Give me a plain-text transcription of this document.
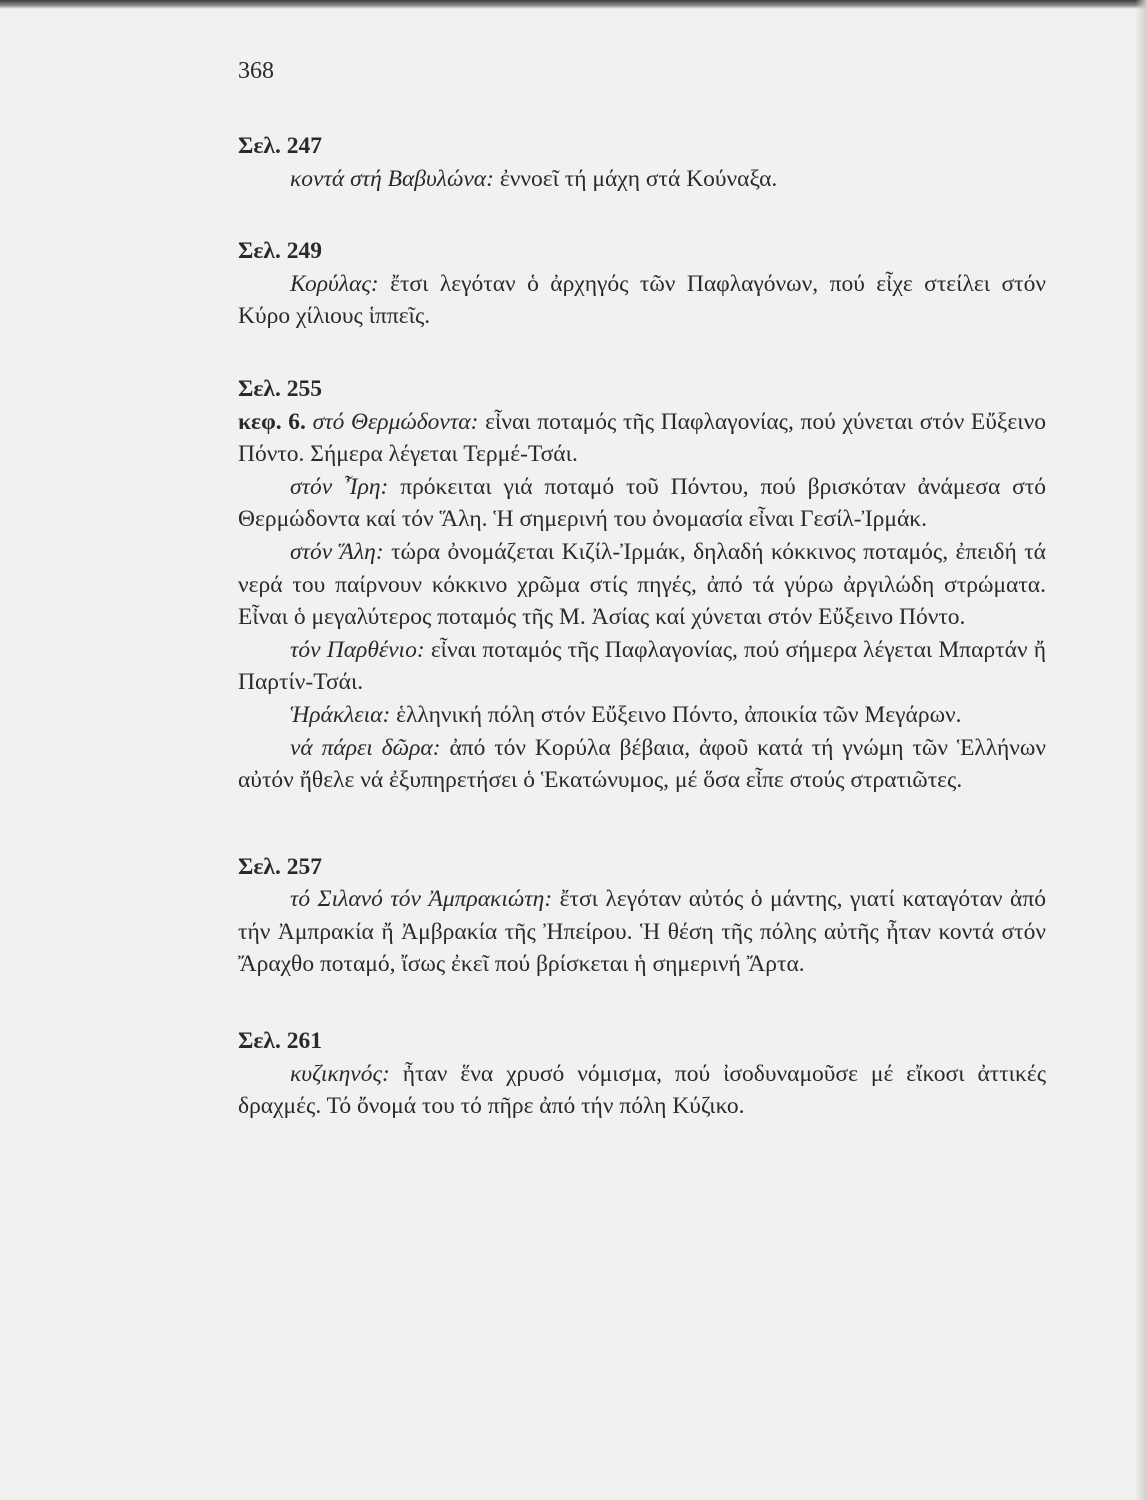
368
Σελ. 247

κοντά στή Βαβυλώνα: ἐννοεῖ τή μάχη στά Κούναξα.

Σελ. 249

Κορύλας: ἔτσι λεγόταν ὁ ἀρχηγός τῶν Παφλαγόνων, πού εἶχε στείλει στόν Κύρο χίλιους ἱππεῖς.

Σελ. 255

κεφ. 6. στό Θερμώδοντα: εἶναι ποταμός τῆς Παφλαγονίας, πού χύνεται στόν Εὔξεινο Πόντο. Σήμερα λέγεται Τερμέ-Τσάι.

στόν Ἶρη: πρόκειται γιά ποταμό τοῦ Πόντου, πού βρισκόταν ἀνάμεσα στό Θερμώδοντα καί τόν Ἅλη. Ἡ σημερινή του ὀνομασία εἶναι Γεσίλ-Ἰρμάκ.

στόν Ἅλη: τώρα ὀνομάζεται Κιζίλ-Ἰρμάκ, δηλαδή κόκκινος ποταμός, ἐπειδή τά νερά του παίρνουν κόκκινο χρῶμα στίς πηγές, ἀπό τά γύρω ἀργιλώδη στρώματα. Εἶναι ὁ μεγαλύτερος ποταμός τῆς Μ. Ἀσίας καί χύνεται στόν Εὔξεινο Πόντο.

τόν Παρθένιο: εἶναι ποταμός τῆς Παφλαγονίας, πού σήμερα λέγεται Μπαρτάν ἤ Παρτίν-Τσάι.

Ἡράκλεια: ἑλληνική πόλη στόν Εὔξεινο Πόντο, ἀποικία τῶν Μεγάρων.

νά πάρει δῶρα: ἀπό τόν Κορύλα βέβαια, ἀφοῦ κατά τή γνώμη τῶν Ἑλλήνων αὐτόν ἤθελε νά ἐξυπηρετήσει ὁ Ἑκατώνυμος, μέ ὅσα εἶπε στούς στρατιῶτες.

Σελ. 257

τό Σιλανό τόν Ἀμπρακιώτη: ἔτσι λεγόταν αὐτός ὁ μάντης, γιατί καταγόταν ἀπό τήν Ἀμπρακία ἤ Ἀμβρακία τῆς Ἠπείρου. Ἡ θέση τῆς πόλης αὐτῆς ἦταν κοντά στόν Ἄραχθο ποταμό, ἴσως ἐκεῖ πού βρίσκεται ἡ σημερινή Ἄρτα.

Σελ. 261

κυζικηνός: ἦταν ἕνα χρυσό νόμισμα, πού ἰσοδυναμοῦσε μέ εἴκοσι ἀττικές δραχμές. Τό ὄνομά του τό πῆρε ἀπό τήν πόλη Κύζικο.
